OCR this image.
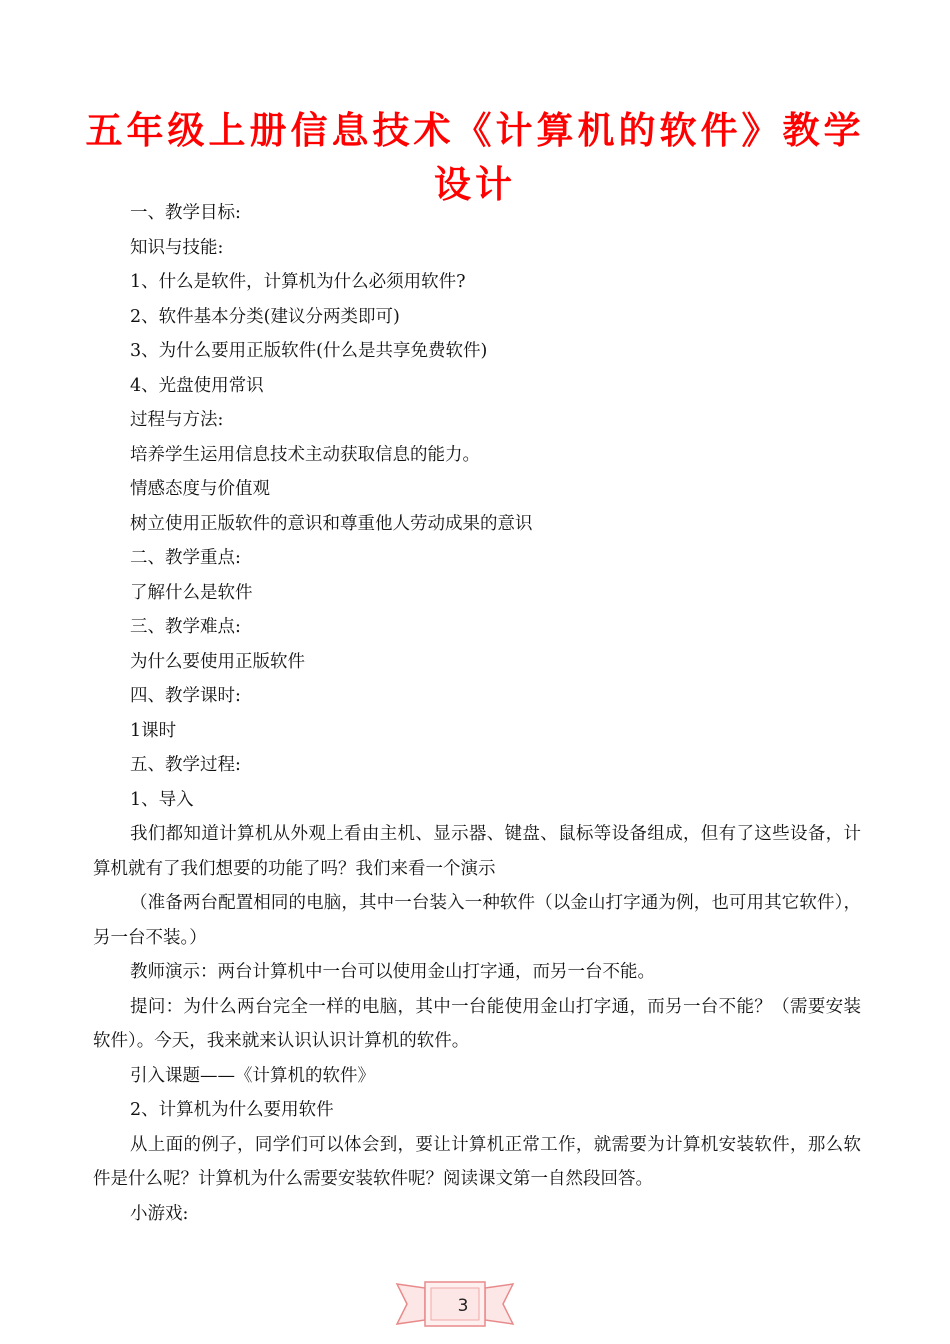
五年级上册信息技术《计算机的软件》教学设计

一、教学目标:

知识与技能:

1、什么是软件，计算机为什么必须用软件?

2、软件基本分类(建议分两类即可)

3、为什么要用正版软件(什么是共享免费软件)

4、光盘使用常识

过程与方法:

培养学生运用信息技术主动获取信息的能力。

情感态度与价值观

树立使用正版软件的意识和尊重他人劳动成果的意识

二、教学重点:

了解什么是软件

三、教学难点:

为什么要使用正版软件

四、教学课时:

1课时

五、教学过程:

1、导入

我们都知道计算机从外观上看由主机、显示器、键盘、鼠标等设备组成，但有了这些设备，计算机就有了我们想要的功能了吗？我们来看一个演示

（准备两台配置相同的电脑，其中一台装入一种软件（以金山打字通为例，也可用其它软件），另一台不装。）

教师演示：两台计算机中一台可以使用金山打字通，而另一台不能。

提问：为什么两台完全一样的电脑，其中一台能使用金山打字通，而另一台不能？（需要安装软件）。今天，我来就来认识认识计算机的软件。

引入课题——《计算机的软件》

2、计算机为什么要用软件

从上面的例子，同学们可以体会到，要让计算机正常工作，就需要为计算机安装软件，那么软件是什么呢？计算机为什么需要安装软件呢？阅读课文第一自然段回答。

小游戏:

3
